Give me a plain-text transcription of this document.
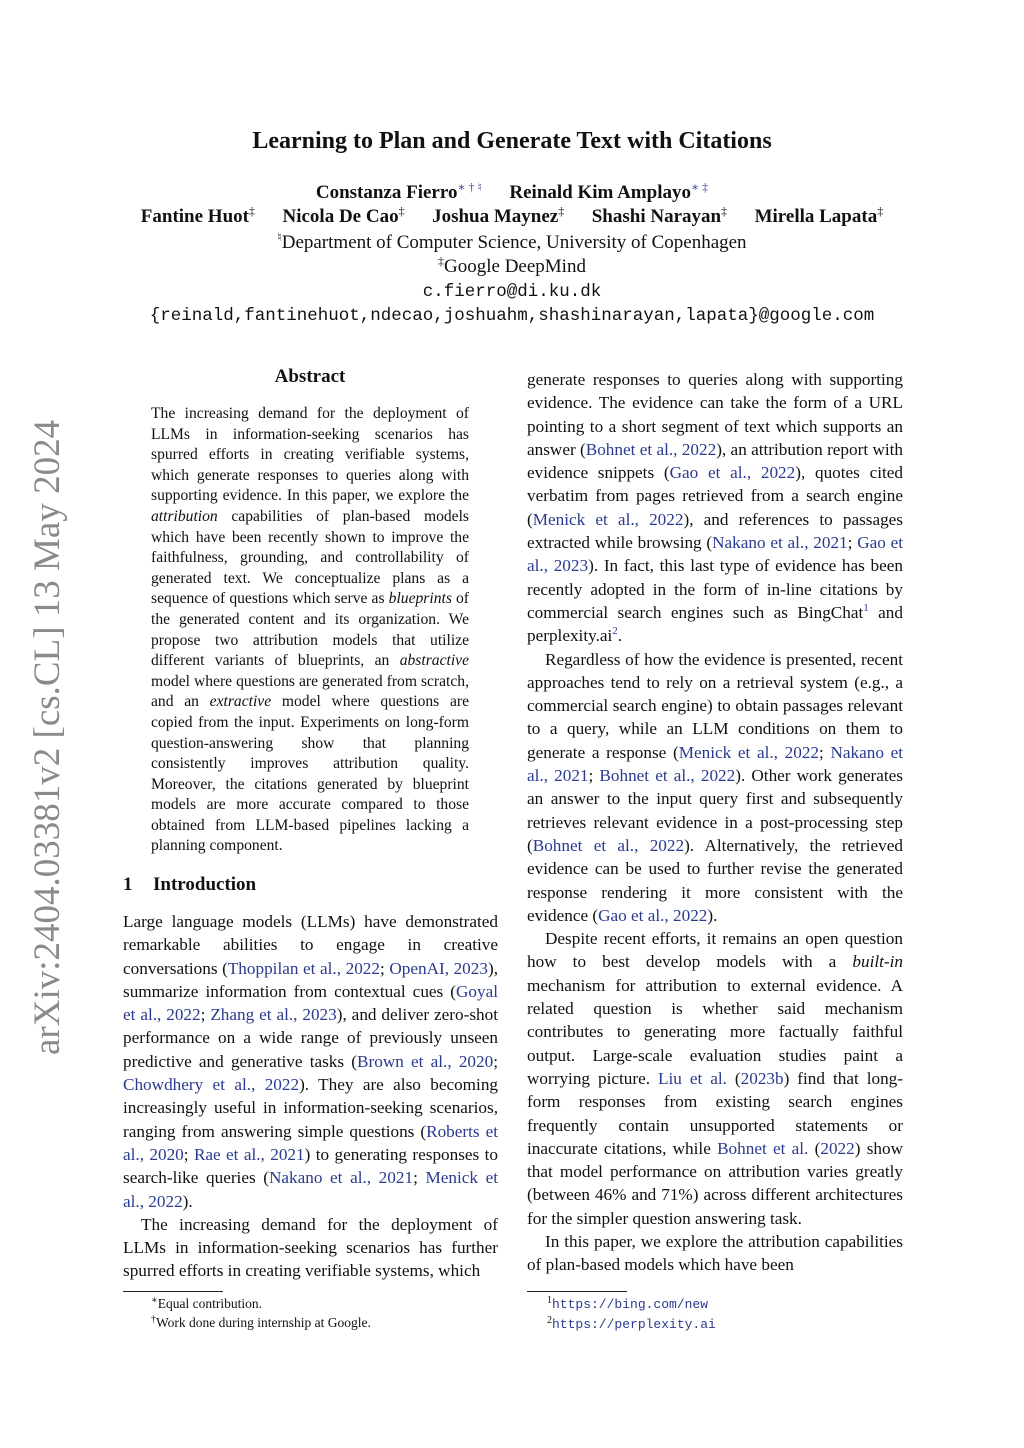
arXiv:2404.03381v2 [cs.CL] 13 May 2024
Learning to Plan and Generate Text with Citations
Constanza Fierro∗ † ♮ Reinald Kim Amplayo∗ ‡
Fantine Huot‡ Nicola De Cao‡ Joshua Maynez‡ Shashi Narayan‡ Mirella Lapata‡
♮Department of Computer Science, University of Copenhagen
‡Google DeepMind
c.fierro@di.ku.dk
{reinald,fantinehuot,ndecao,joshuahm,shashinarayan,lapata}@google.com
Abstract
The increasing demand for the deployment of LLMs in information-seeking scenarios has spurred efforts in creating verifiable systems, which generate responses to queries along with supporting evidence. In this paper, we explore the attribution capabilities of plan-based models which have been recently shown to improve the faithfulness, grounding, and controllability of generated text. We conceptualize plans as a sequence of questions which serve as blueprints of the generated content and its organization. We propose two attribution models that utilize different variants of blueprints, an abstractive model where questions are generated from scratch, and an extractive model where questions are copied from the input. Experiments on long-form question-answering show that planning consistently improves attribution quality. Moreover, the citations generated by blueprint models are more accurate compared to those obtained from LLM-based pipelines lacking a planning component.
1 Introduction

Large language models (LLMs) have demonstrated remarkable abilities to engage in creative conversations (Thoppilan et al., 2022; OpenAI, 2023), summarize information from contextual cues (Goyal et al., 2022; Zhang et al., 2023), and deliver zero-shot performance on a wide range of previously unseen predictive and generative tasks (Brown et al., 2020; Chowdhery et al., 2022). They are also becoming increasingly useful in information-seeking scenarios, ranging from answering simple questions (Roberts et al., 2020; Rae et al., 2021) to generating responses to search-like queries (Nakano et al., 2021; Menick et al., 2022).

The increasing demand for the deployment of LLMs in information-seeking scenarios has further spurred efforts in creating verifiable systems, which

generate responses to queries along with supporting evidence. The evidence can take the form of a URL pointing to a short segment of text which supports an answer (Bohnet et al., 2022), an attribution report with evidence snippets (Gao et al., 2022), quotes cited verbatim from pages retrieved from a search engine (Menick et al., 2022), and references to passages extracted while browsing (Nakano et al., 2021; Gao et al., 2023). In fact, this last type of evidence has been recently adopted in the form of in-line citations by commercial search engines such as BingChat$^1$ and $perplexity.ai^2$.

Regardless of how the evidence is presented, recent approaches tend to rely on a retrieval system (e.g., a commercial search engine) to obtain passages relevant to a query, while an LLM conditions on them to generate a response (Menick et al., 2022; Nakano et al., 2021; Bohnet et al., 2022). Other work generates an answer to the input query first and subsequently retrieves relevant evidence in a post-processing step (Bohnet et al., 2022). Alternatively, the retrieved evidence can be used to further revise the generated response rendering it more consistent with the evidence (Gao et al., 2022).

Despite recent efforts, it remains an open question how to best develop models with a built-in mechanism for attribution to external evidence. A related question is whether said mechanism contributes to generating more factually faithful output. Large-scale evaluation studies paint a worrying picture. Liu et al. (2023b) find that long-form responses from existing search engines frequently contain unsupported statements or inaccurate citations, while Bohnet et al. (2022) show that model performance on attribution varies greatly (between 46% and 71%) across different architectures for the simpler question answering task.

In this paper, we explore the attribution capabilities of plan-based models which have been

∗Equal contribution.
†Work done during internship at Google.
$^1$https://bing.com/new
$^2$https://perplexity.ai
